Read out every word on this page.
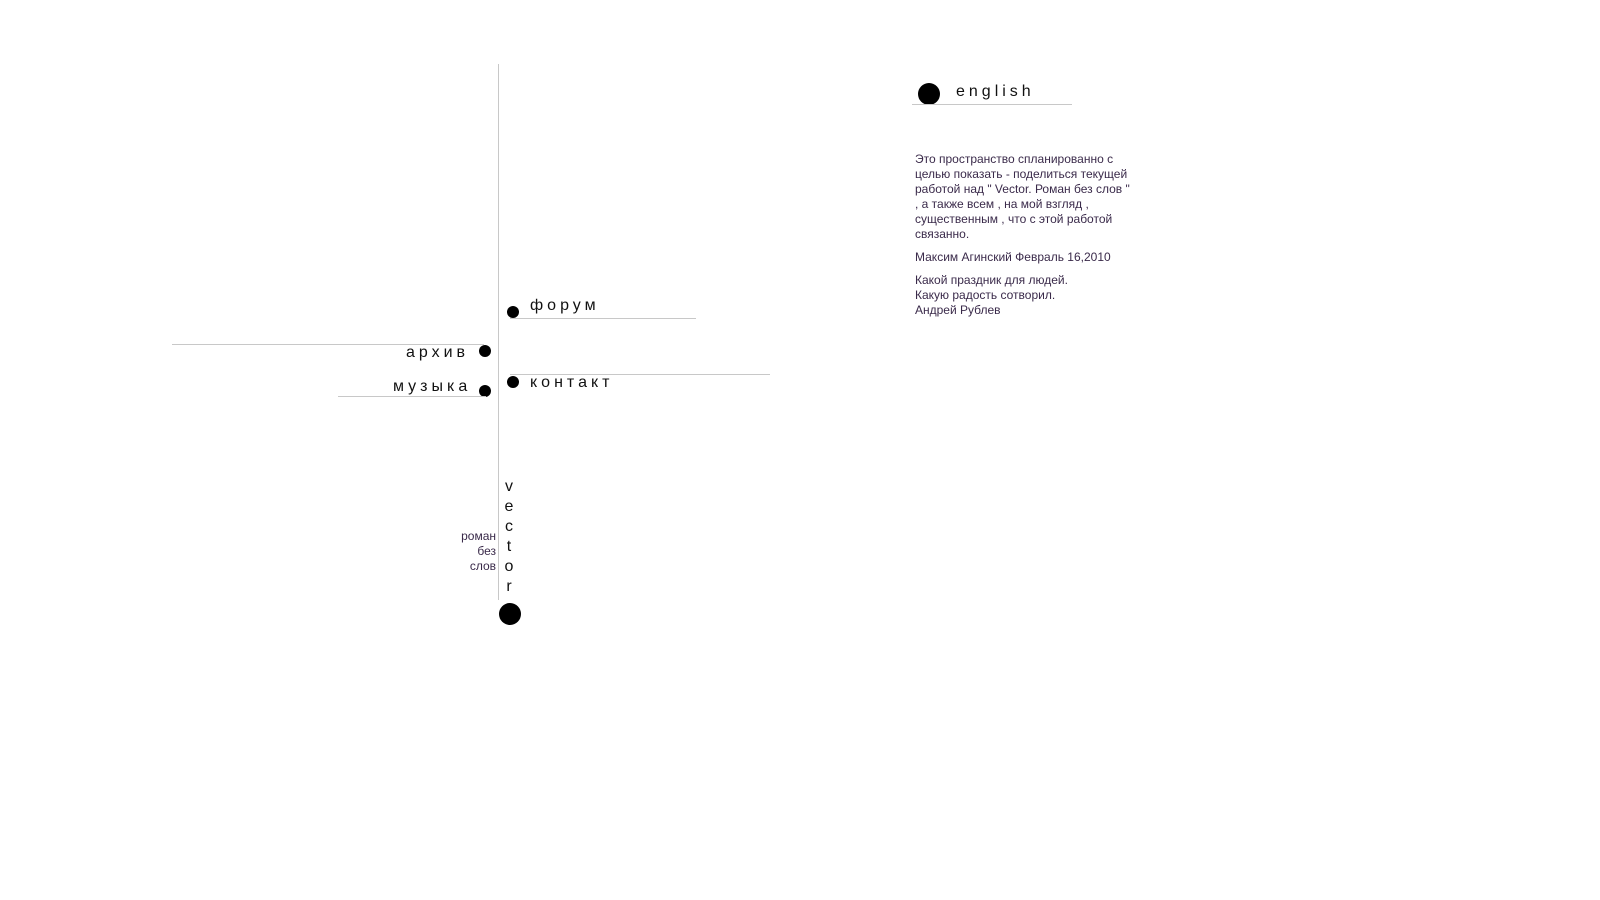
форум
архив
контакт
музыка
v
e
c
t
o
r
роман
без
слов
english

Это пространство спланированно с целью показать - поделиться текущей работой над " Vector. Роман без слов " , а также всем , на мой взгляд , существенным , что с этой работой связанно.

Максим Агинский Февраль 16,2010

Какой праздник для людей.
Какую радость сотворил.
Андрей Рублев
